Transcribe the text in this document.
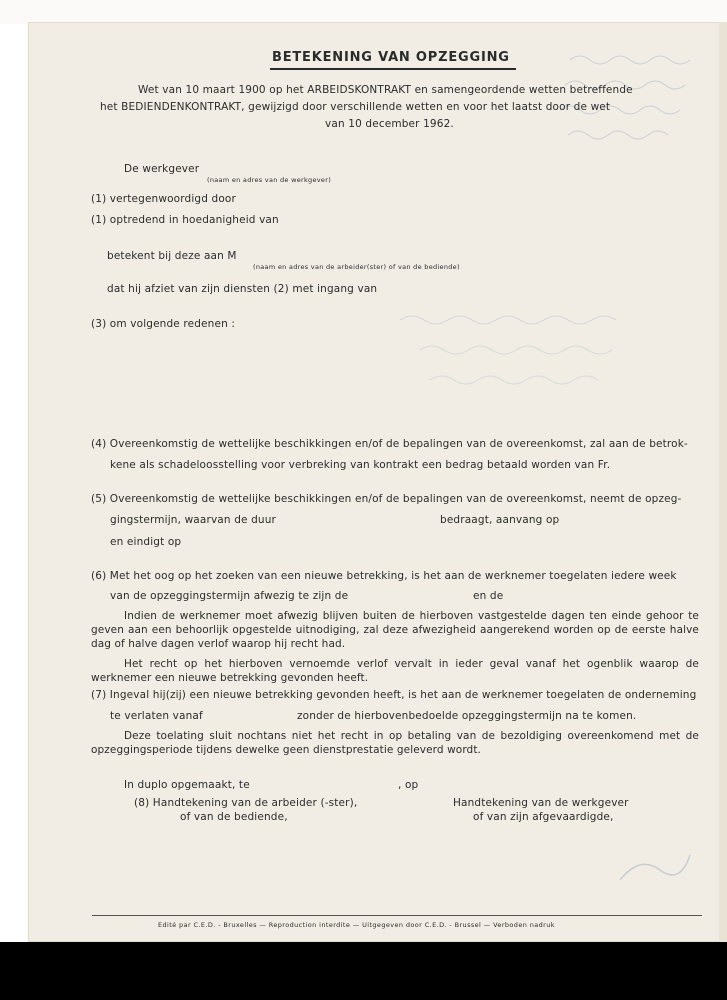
BETEKENING VAN OPZEGGING
Wet van 10 maart 1900 op het ARBEIDSKONTRAKT en samengeordende wetten betreffende
het BEDIENDENKONTRAKT, gewijzigd door verschillende wetten en voor het laatst door de wet
van 10 december 1962.
De werkgever
(naam en adres van de werkgever)
(1) vertegenwoordigd door
(1) optredend in hoedanigheid van
betekent bij deze aan M
(naam en adres van de arbeider(ster) of van de bediende)
dat hij afziet van zijn diensten (2) met ingang van
(3) om volgende redenen :
(4) Overeenkomstig de wettelijke beschikkingen en/of de bepalingen van de overeenkomst, zal aan de betrok-
kene als schadeloosstelling voor verbreking van kontrakt een bedrag betaald worden van Fr.
(5) Overeenkomstig de wettelijke beschikkingen en/of de bepalingen van de overeenkomst, neemt de opzeg-
gingstermijn, waarvan de duur	bedraagt, aanvang op
en eindigt op
(6) Met het oog op het zoeken van een nieuwe betrekking, is het aan de werknemer toegelaten iedere week
van de opzeggingstermijn afwezig te zijn de	en de
Indien de werknemer moet afwezig blijven buiten de hierboven vastgestelde dagen ten einde gehoor te geven aan een behoorlijk opgestelde uitnodiging, zal deze afwezigheid aangerekend worden op de eerste halve dag of halve dagen verlof waarop hij recht had.
Het recht op het hierboven vernoemde verlof vervalt in ieder geval vanaf het ogenblik waarop de werknemer een nieuwe betrekking gevonden heeft.
(7) Ingeval hij(zij) een nieuwe betrekking gevonden heeft, is het aan de werknemer toegelaten de onderneming
te verlaten vanaf	zonder de hierbovenbedoelde opzeggingstermijn na te komen.
Deze toelating sluit nochtans niet het recht in op betaling van de bezoldiging overeenkomend met de opzeggingsperiode tijdens dewelke geen dienstprestatie geleverd wordt.
In duplo opgemaakt, te	, op
(8) Handtekening van de arbeider (-ster),
of van de bediende,
Handtekening van de werkgever
of van zijn afgevaardigde,
Edité par C.E.D. - Bruxelles — Reproduction interdite — Uitgegeven door C.E.D. - Brussel — Verboden nadruk
